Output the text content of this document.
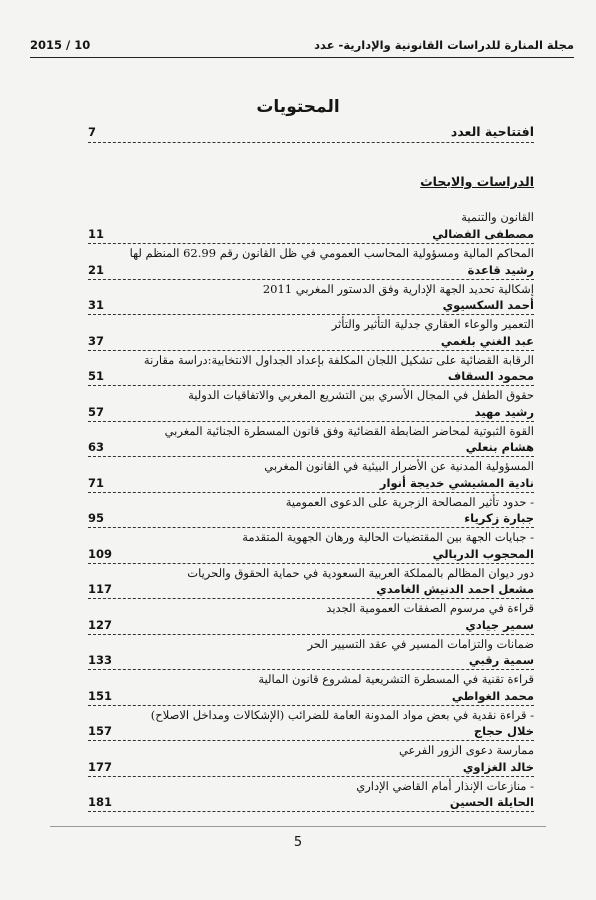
مجلة المنارة للدراسات القانونية والإدارية- عدد
2015 / 10
المحتويات
افتتاحية العدد
7
الدراسات والابحاث
القانون والتنمية
مصطفى الفضالي
11
المحاكم المالية ومسؤولية المحاسب العمومي في ظل القانون رقم 62.99 المنظم لها
رشيد قاعدة
21
إشكالية تحديد الجهة الإدارية وفق الدستور المغربي 2011
أحمد السكسيوي
31
التعمير والوعاء العقاري جدلية التأثير والتأثر
عبد الغني بلغمي
37
الرقابة القضائية على تشكيل اللجان المكلفة بإعداد الجداول الانتخابية:دراسة مقارنة
محمود السقاف
51
حقوق الطفل في المجال الأسري بين التشريع المغربي والاتفاقيات الدولية
رشيد مهيد
57
القوة الثبوتية لمحاضر الضابطة القضائية وفق قانون المسطرة الجنائية المغربي
هشام بنعلي
63
المسؤولية المدنية عن الأضرار البيئية في القانون المغربي
نادية المشيشي خديجة أنوار
71
- حدود تأثير المصالحة الزجرية على الدعوى العمومية
جبارة زكرياء
95
- جبايات الجهة بين المقتضيات الحالية ورهان الجهوية المتقدمة
المحجوب الدربالي
109
دور ديوان المظالم بالمملكة العربية السعودية في حماية الحقوق والحريات
مشعل احمد الدنيش الغامدي
117
قراءة في مرسوم الصفقات العمومية الجديد
سمير جيادي
127
ضمانات والتزامات المسير في عقد التسيير الحر
سمية رقبي
133
قراءة تقنية في المسطرة التشريعية لمشروع قانون المالية
محمد الغواطي
151
- قراءة نقدية في بعض مواد المدونة العامة للضرائب (الإشكالات ومداخل الاصلاح)
خلال حجاج
157
ممارسة دعوى الزور الفرعي
خالد الغزاوي
177
- منازعات الإنذار أمام القاضي الإداري
الحايلة الحسين
181
5
